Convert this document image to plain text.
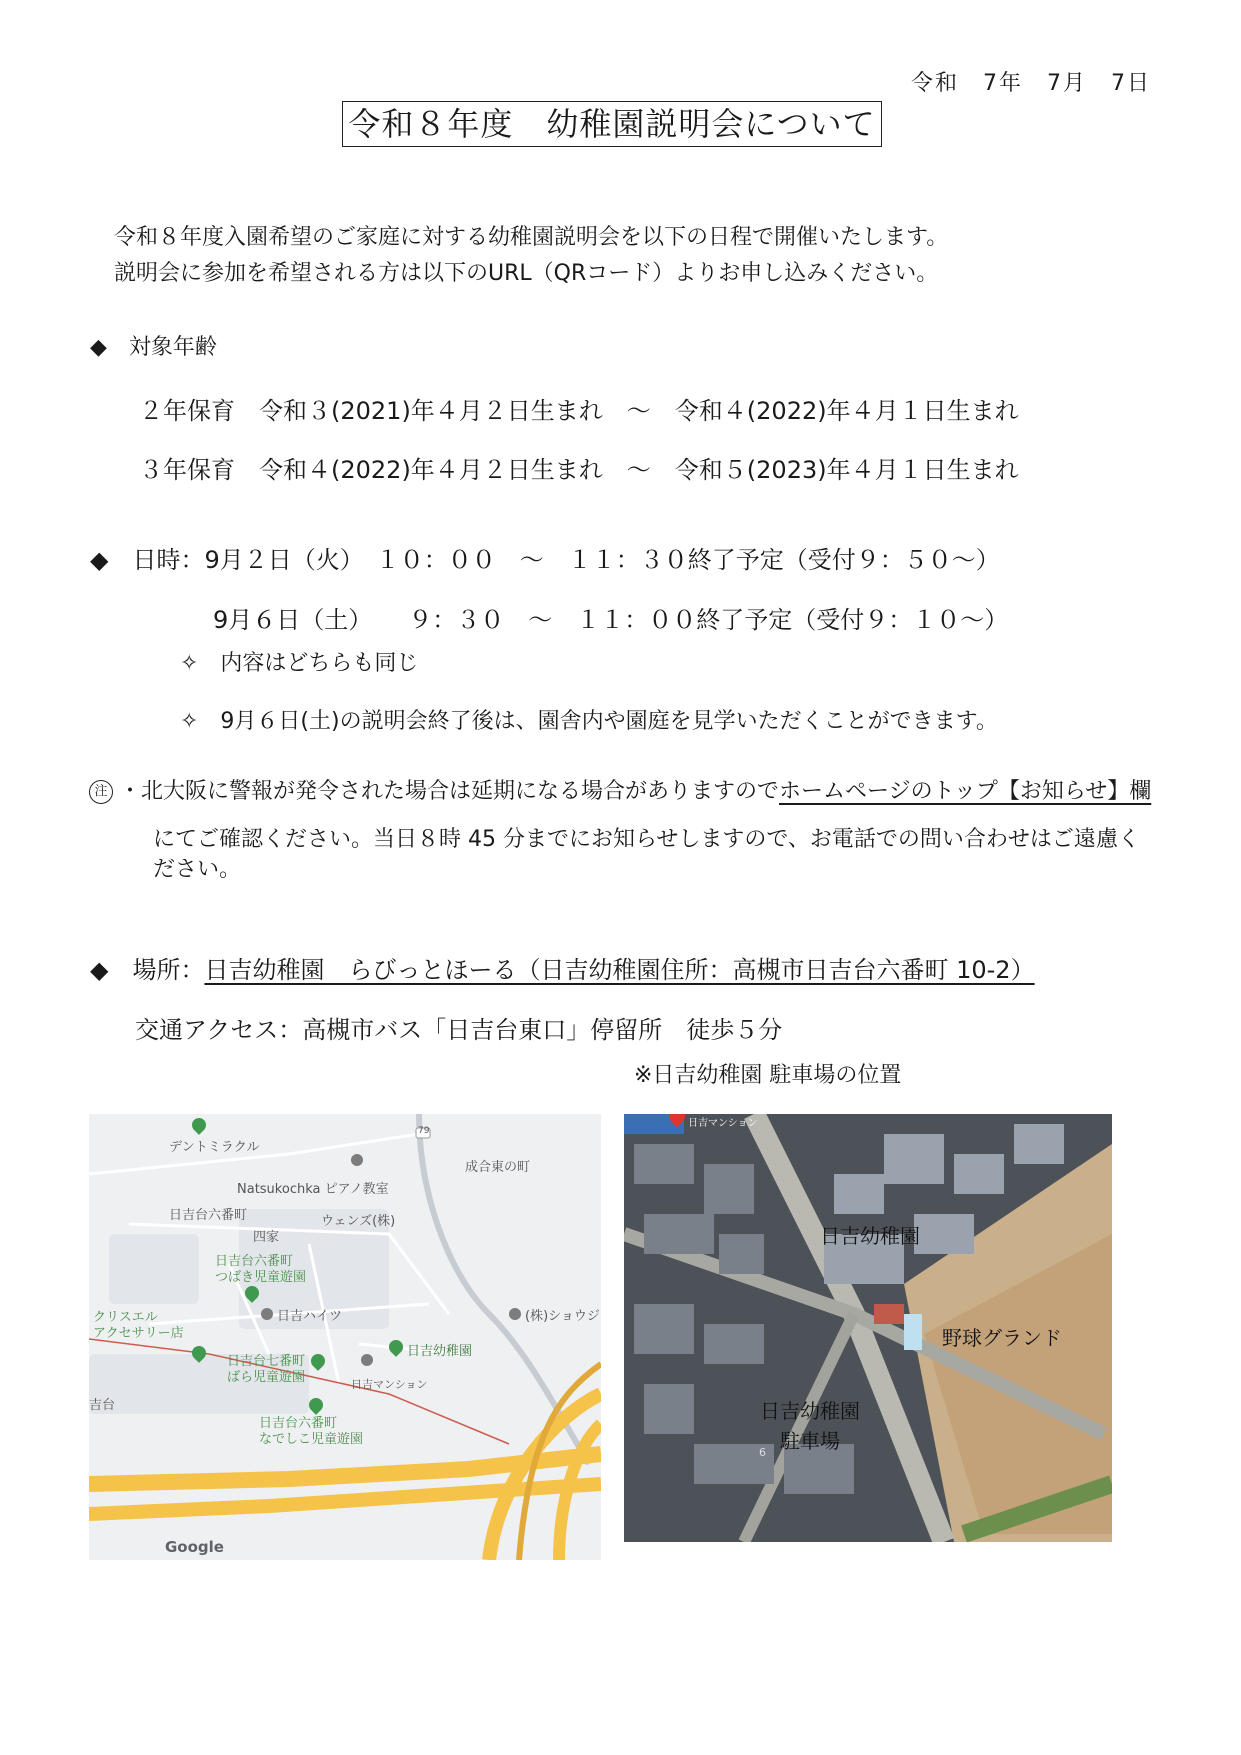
令和　7年　7月　7日
令和８年度　幼稚園説明会について
令和８年度入園希望のご家庭に対する幼稚園説明会を以下の日程で開催いたします。
説明会に参加を希望される方は以下のURL（QRコード）よりお申し込みください。
◆　対象年齢
２年保育　令和３(2021)年４月２日生まれ　～　令和４(2022)年４月１日生まれ
３年保育　令和４(2022)年４月２日生まれ　～　令和５(2023)年４月１日生まれ
◆　日時：9月２日（火）　１０：００　～　１１：３０終了予定（受付９：５０～）
9月６日（土）　　９：３０　～　１１：００終了予定（受付９：１０～）
✧　内容はどちらも同じ
✧　9月６日(土)の説明会終了後は、園舎内や園庭を見学いただくことができます。
注 ・北大阪に警報が発令された場合は延期になる場合がありますのでホームページのトップ【お知らせ】欄
にてご確認ください。当日８時 45 分までにお知らせしますので、お電話での問い合わせはご遠慮く
ださい。
◆　場所：日吉幼稚園　らびっとほーる（日吉幼稚園住所：高槻市日吉台六番町 10-2）
交通アクセス：高槻市バス「日吉台東口」停留所　徒歩５分
※日吉幼稚園 駐車場の位置
デントミラクル
成合東の町
Natsukochka ピアノ教室
日吉台六番町	ウェンズ(株)
四家
日吉台六番町
つばき児童遊園
日吉ハイツ	(株)ショウジ
クリスエル
アクセサリー店
日吉幼稚園
日吉台七番町
ばら児童遊園	日吉マンション
日吉台六番町
なでしこ児童遊園
吉台
79
Google
日吉マンション
日吉幼稚園
野球グランド
日吉幼稚園
駐車場
6
